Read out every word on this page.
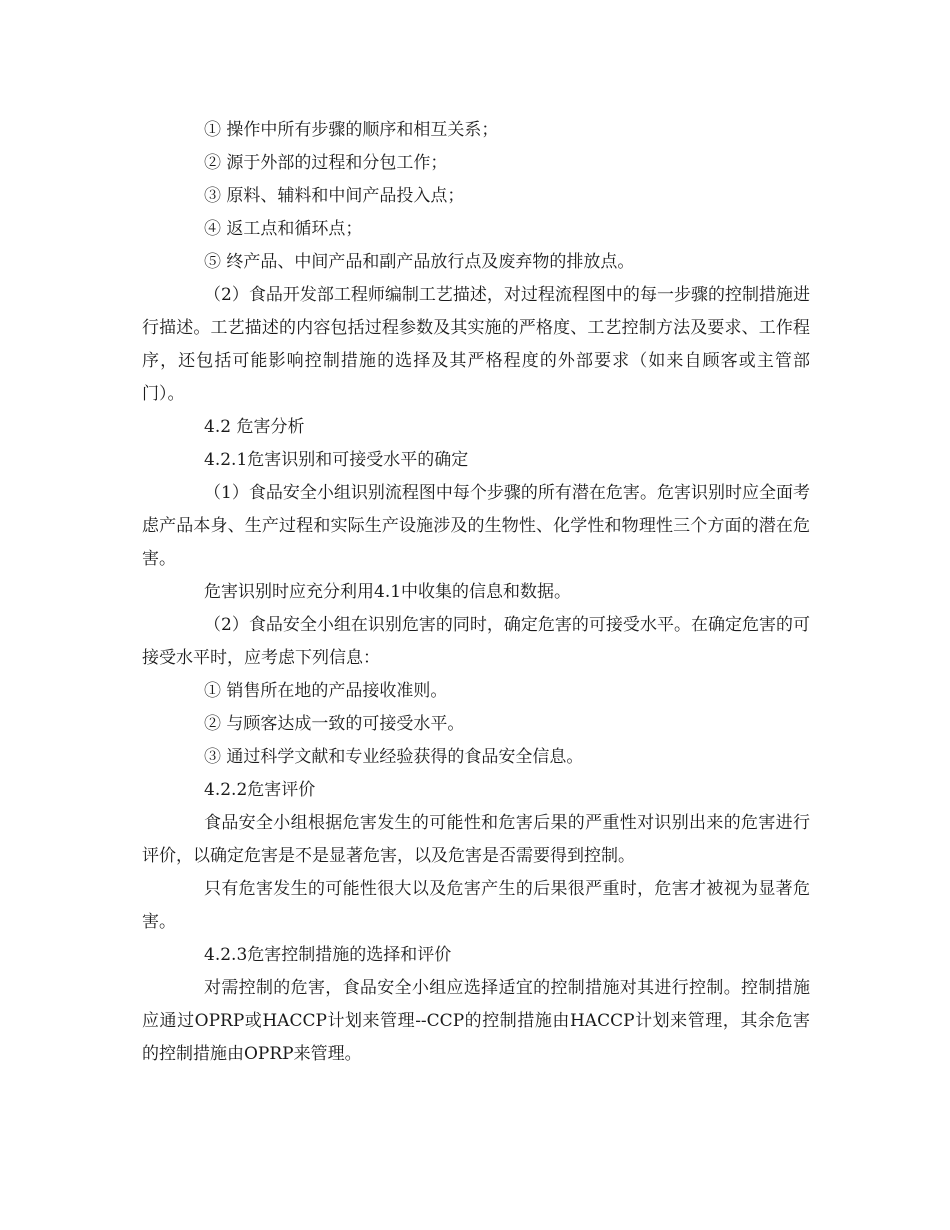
① 操作中所有步骤的顺序和相互关系；

② 源于外部的过程和分包工作；

③ 原料、辅料和中间产品投入点；

④ 返工点和循环点；

⑤ 终产品、中间产品和副产品放行点及废弃物的排放点。

（2）食品开发部工程师编制工艺描述，对过程流程图中的每一步骤的控制措施进行描述。工艺描述的内容包括过程参数及其实施的严格度、工艺控制方法及要求、工作程序，还包括可能影响控制措施的选择及其严格程度的外部要求（如来自顾客或主管部门）。

4.2 危害分析

4.2.1危害识别和可接受水平的确定

（1）食品安全小组识别流程图中每个步骤的所有潜在危害。危害识别时应全面考虑产品本身、生产过程和实际生产设施涉及的生物性、化学性和物理性三个方面的潜在危害。

危害识别时应充分利用4.1中收集的信息和数据。

（2）食品安全小组在识别危害的同时，确定危害的可接受水平。在确定危害的可接受水平时，应考虑下列信息：

① 销售所在地的产品接收准则。

② 与顾客达成一致的可接受水平。

③ 通过科学文献和专业经验获得的食品安全信息。

4.2.2危害评价

食品安全小组根据危害发生的可能性和危害后果的严重性对识别出来的危害进行评价，以确定危害是不是显著危害，以及危害是否需要得到控制。

只有危害发生的可能性很大以及危害产生的后果很严重时，危害才被视为显著危害。

4.2.3危害控制措施的选择和评价

对需控制的危害，食品安全小组应选择适宜的控制措施对其进行控制。控制措施应通过OPRP或HACCP计划来管理--CCP的控制措施由HACCP计划来管理，其余危害的控制措施由OPRP来管理。
